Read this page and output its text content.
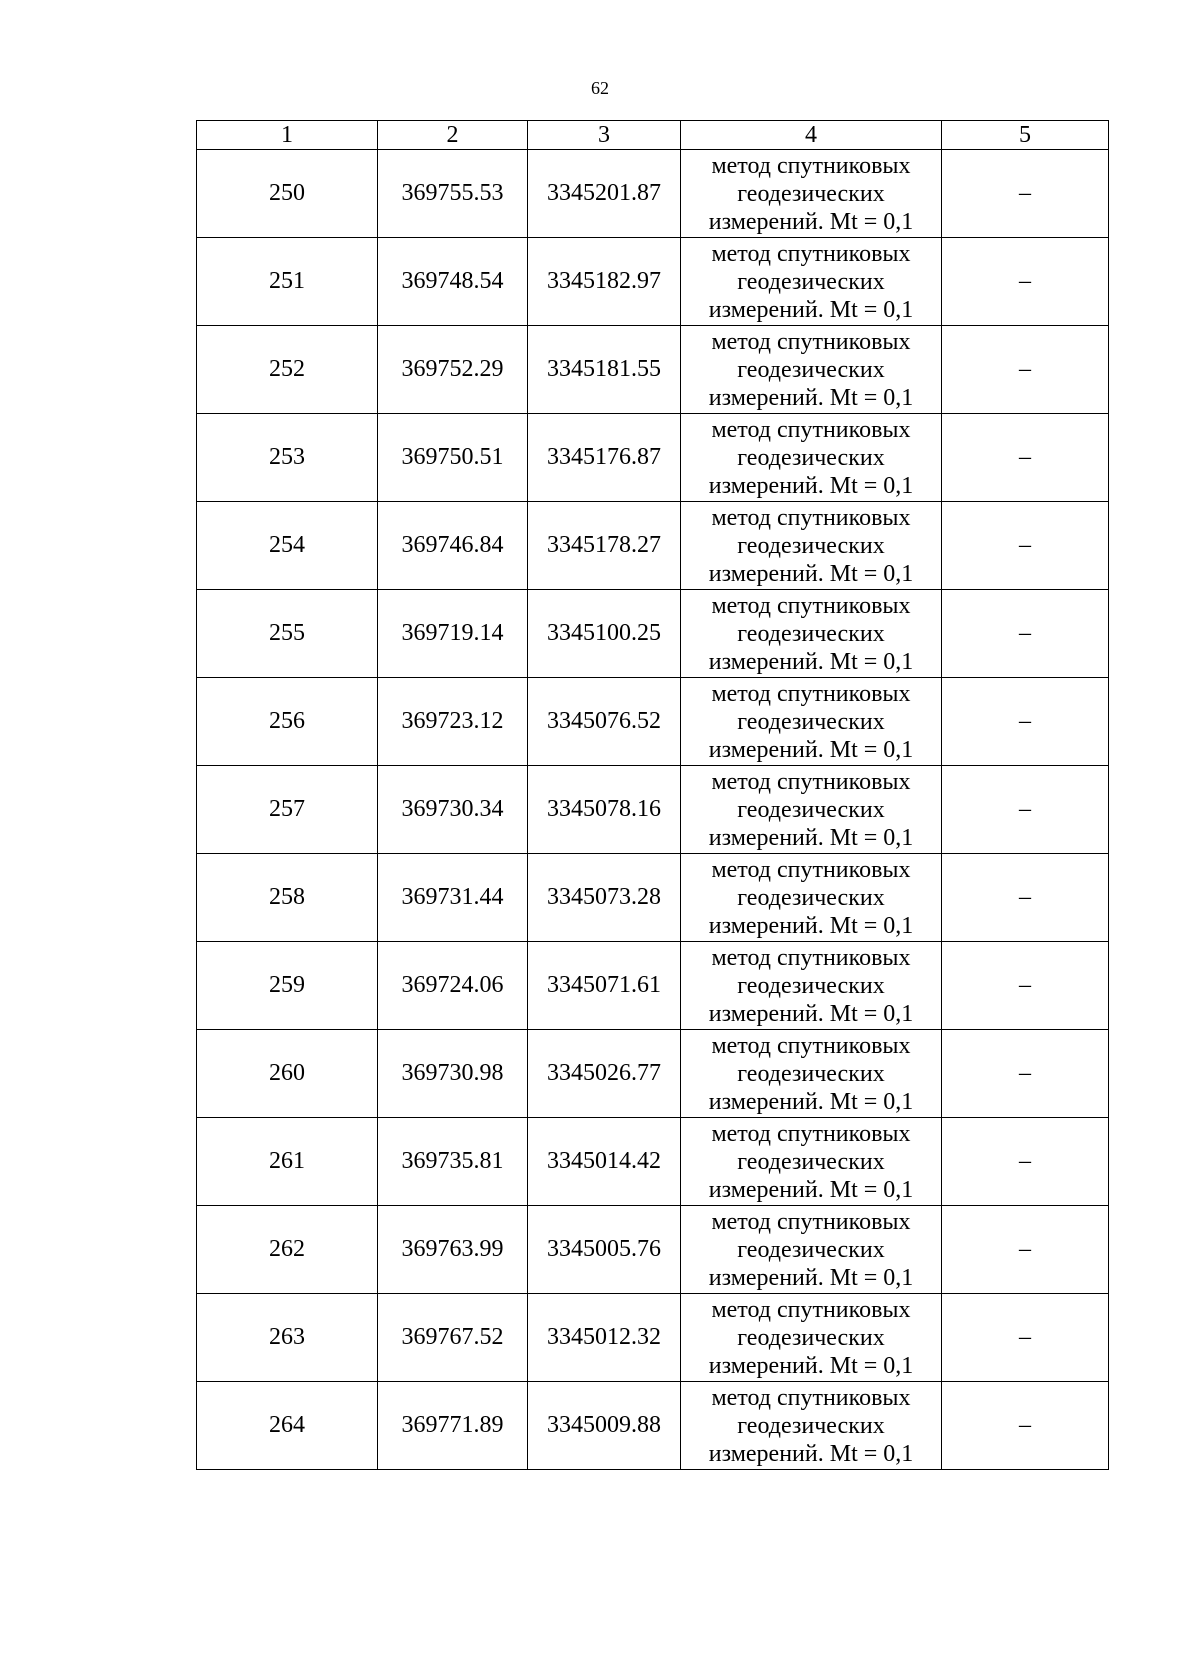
62
1	2	3	4	5
250	369755.53	3345201.87	метод спутниковых
геодезических
измерений. Mt = 0,1	–
251	369748.54	3345182.97	метод спутниковых
геодезических
измерений. Mt = 0,1	–
252	369752.29	3345181.55	метод спутниковых
геодезических
измерений. Mt = 0,1	–
253	369750.51	3345176.87	метод спутниковых
геодезических
измерений. Mt = 0,1	–
254	369746.84	3345178.27	метод спутниковых
геодезических
измерений. Mt = 0,1	–
255	369719.14	3345100.25	метод спутниковых
геодезических
измерений. Mt = 0,1	–
256	369723.12	3345076.52	метод спутниковых
геодезических
измерений. Mt = 0,1	–
257	369730.34	3345078.16	метод спутниковых
геодезических
измерений. Mt = 0,1	–
258	369731.44	3345073.28	метод спутниковых
геодезических
измерений. Mt = 0,1	–
259	369724.06	3345071.61	метод спутниковых
геодезических
измерений. Mt = 0,1	–
260	369730.98	3345026.77	метод спутниковых
геодезических
измерений. Mt = 0,1	–
261	369735.81	3345014.42	метод спутниковых
геодезических
измерений. Mt = 0,1	–
262	369763.99	3345005.76	метод спутниковых
геодезических
измерений. Mt = 0,1	–
263	369767.52	3345012.32	метод спутниковых
геодезических
измерений. Mt = 0,1	–
264	369771.89	3345009.88	метод спутниковых
геодезических
измерений. Mt = 0,1	–
